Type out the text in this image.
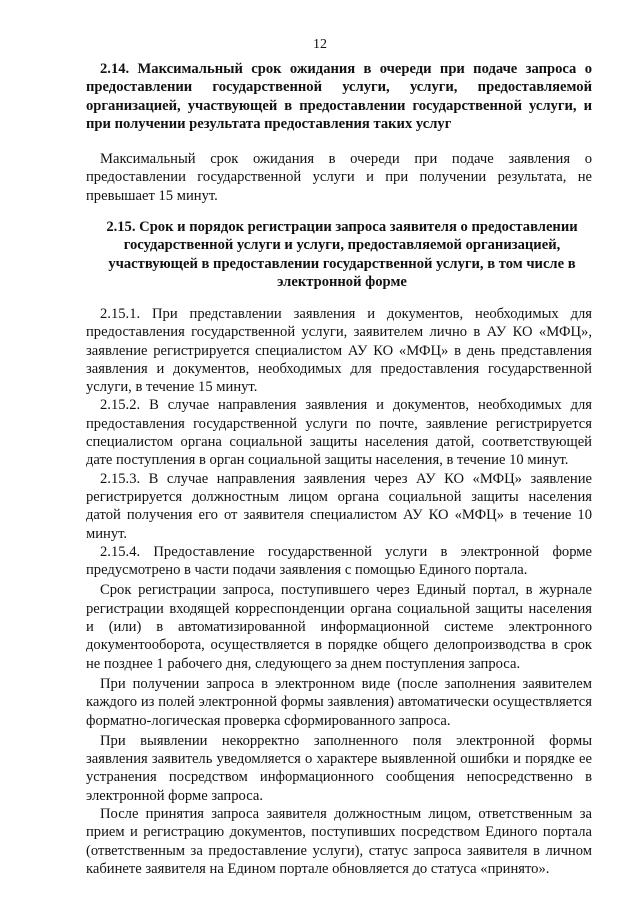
12
2.14. Максимальный срок ожидания в очереди при подаче запроса о предоставлении государственной услуги, услуги, предоставляемой организацией, участвующей в предоставлении государственной услуги, и при получении результата предоставления таких услуг

Максимальный срок ожидания в очереди при подаче заявления о предоставлении государственной услуги и при получении результата, не превышает 15 минут.

2.15. Срок и порядок регистрации запроса заявителя о предоставлении государственной услуги и услуги, предоставляемой организацией, участвующей в предоставлении государственной услуги, в том числе в электронной форме

2.15.1. При представлении заявления и документов, необходимых для предоставления государственной услуги, заявителем лично в АУ КО «МФЦ», заявление регистрируется специалистом АУ КО «МФЦ» в день представления заявления и документов, необходимых для предоставления государственной услуги, в течение 15 минут.

2.15.2. В случае направления заявления и документов, необходимых для предоставления государственной услуги по почте, заявление регистрируется специалистом органа социальной защиты населения датой, соответствующей дате поступления в орган социальной защиты населения, в течение 10 минут.

2.15.3. В случае направления заявления через АУ КО «МФЦ» заявление регистрируется должностным лицом органа социальной защиты населения датой получения его от заявителя специалистом АУ КО «МФЦ» в течение 10 минут.

2.15.4. Предоставление государственной услуги в электронной форме предусмотрено в части подачи заявления с помощью Единого портала.

Срок регистрации запроса, поступившего через Единый портал, в журнале регистрации входящей корреспонденции органа социальной защиты населения и (или) в автоматизированной информационной системе электронного документооборота, осуществляется в порядке общего делопроизводства в срок не позднее 1 рабочего дня, следующего за днем поступления запроса.

При получении запроса в электронном виде (после заполнения заявителем каждого из полей электронной формы заявления) автоматически осуществляется форматно-логическая проверка сформированного запроса.

При выявлении некорректно заполненного поля электронной формы заявления заявитель уведомляется о характере выявленной ошибки и порядке ее устранения посредством информационного сообщения непосредственно в электронной форме запроса.

После принятия запроса заявителя должностным лицом, ответственным за прием и регистрацию документов, поступивших посредством Единого портала (ответственным за предоставление услуги), статус запроса заявителя в личном кабинете заявителя на Едином портале обновляется до статуса «принято».
